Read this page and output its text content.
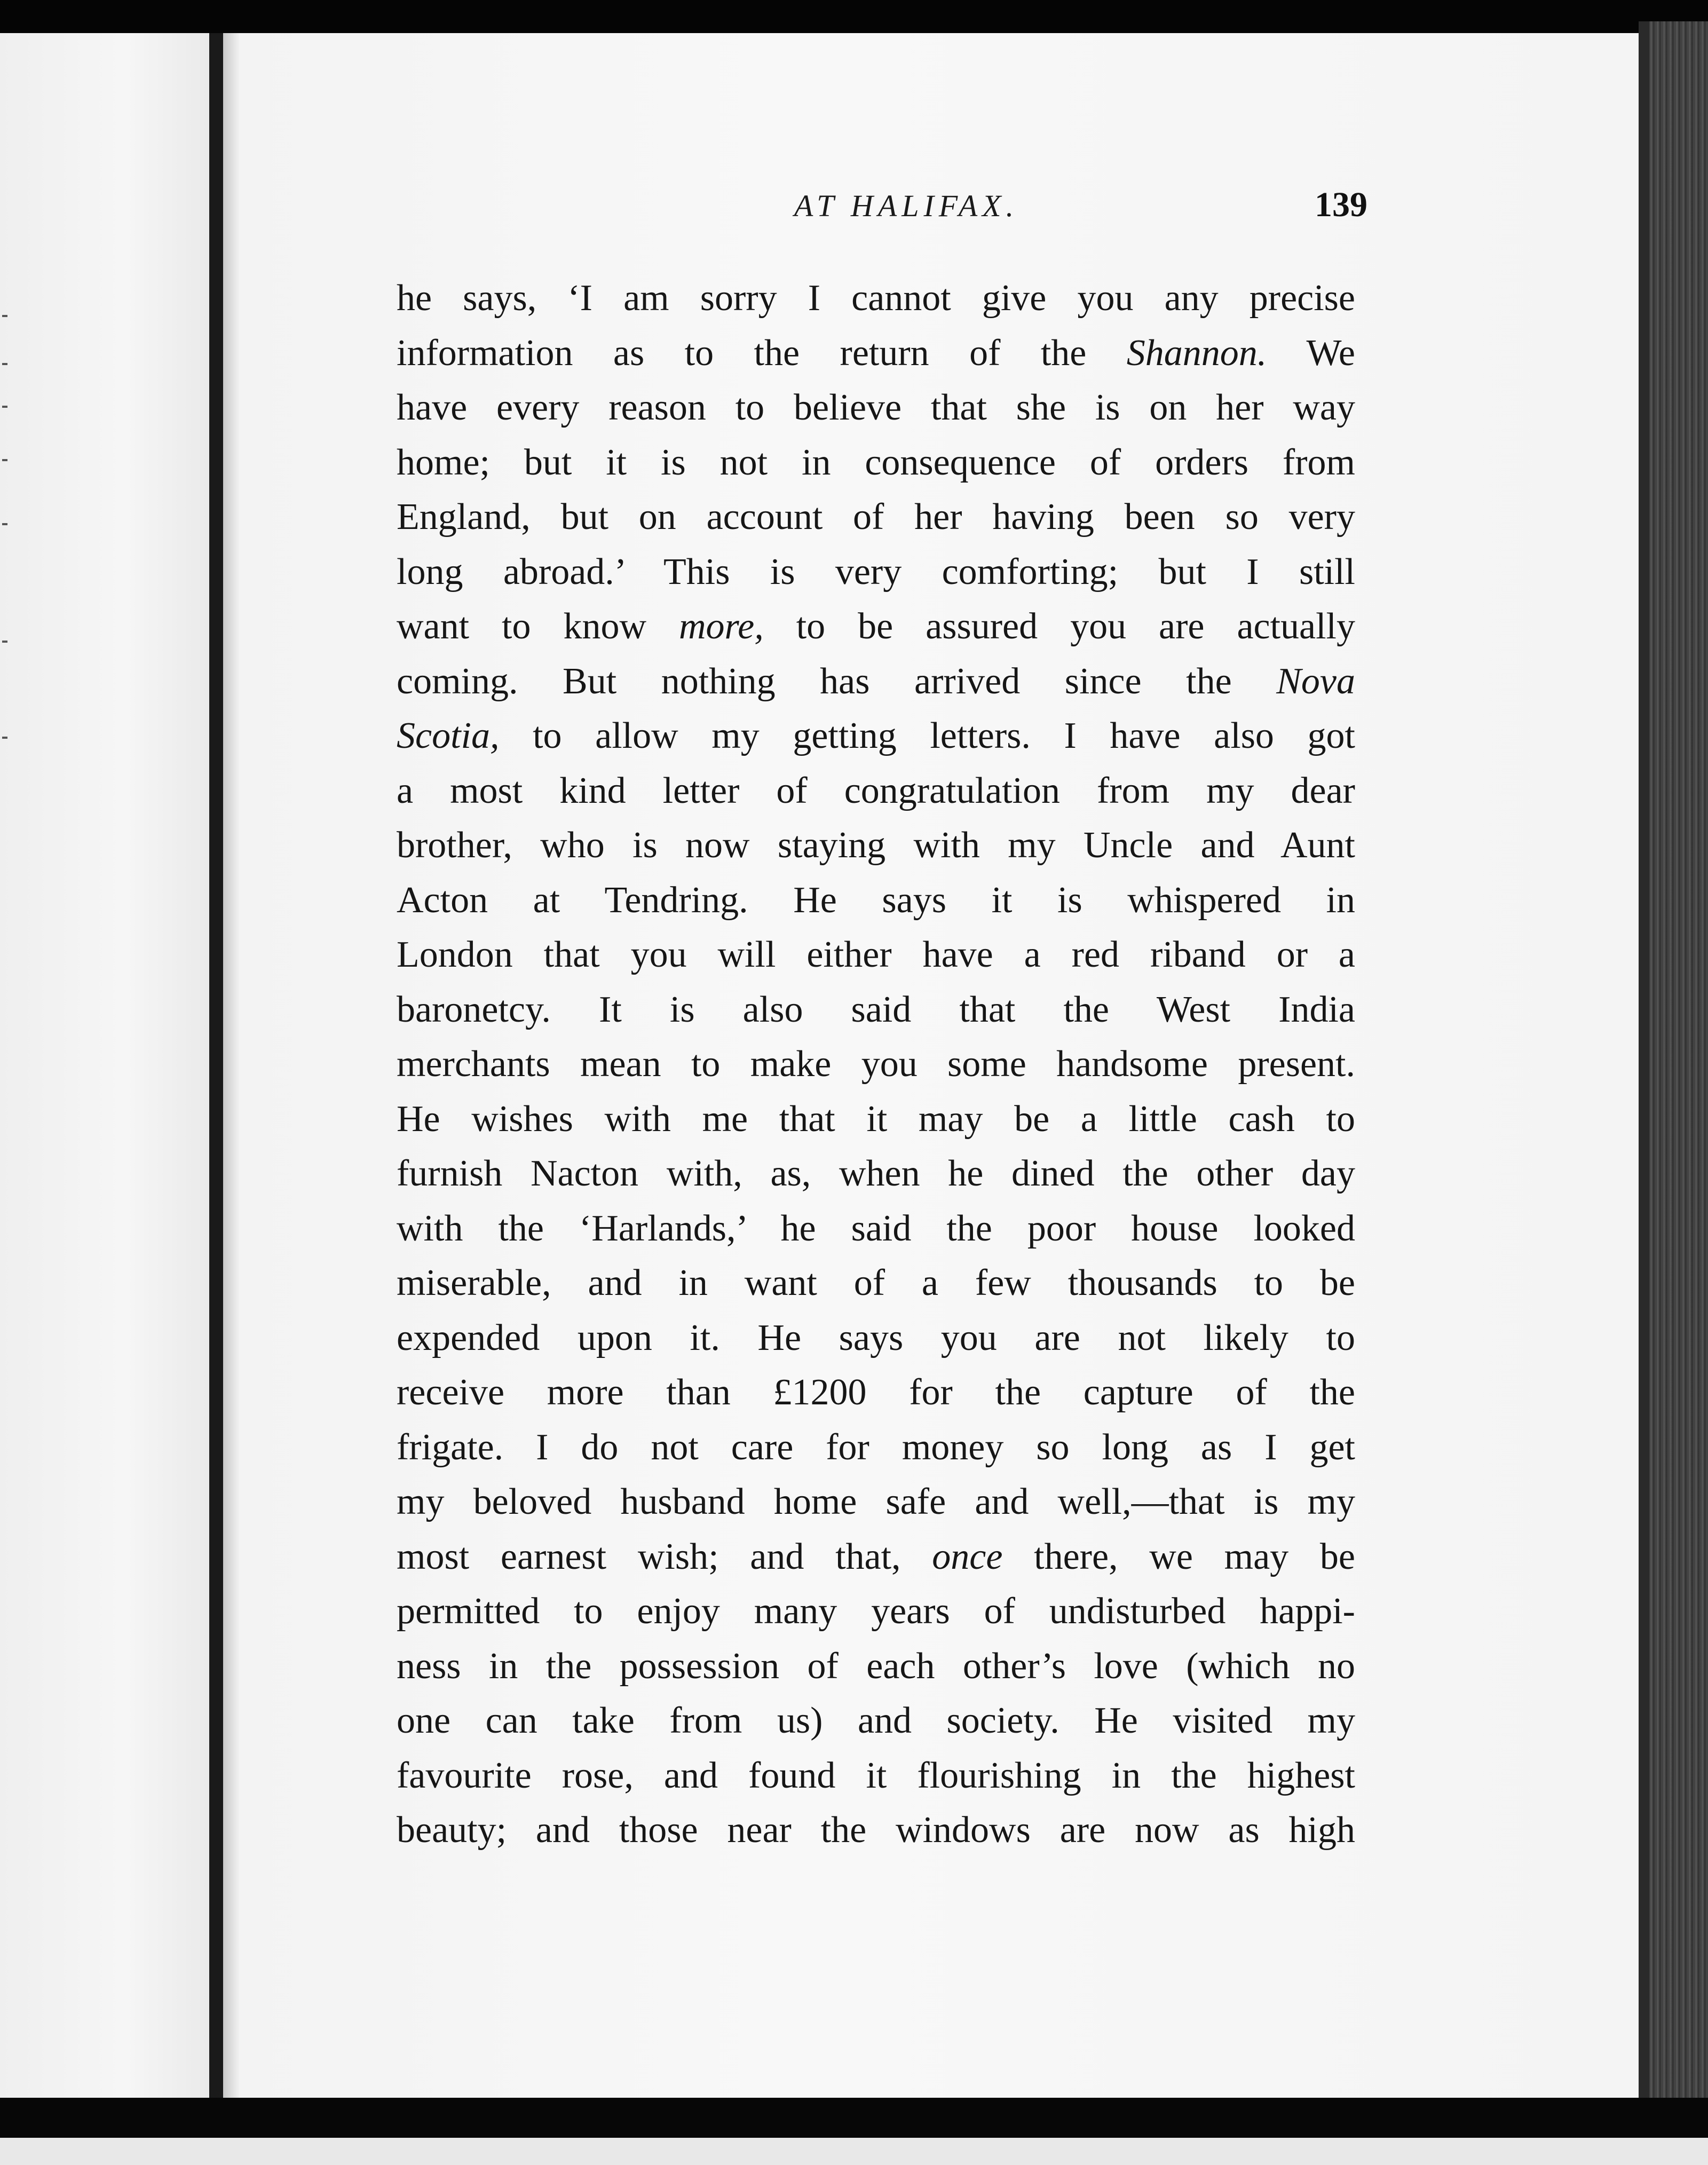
AT HALIFAX.	139
he says, ‘I am sorry I cannot give you any precise
information as to the return of the Shannon. We
have every reason to believe that she is on her way
home; but it is not in consequence of orders from
England, but on account of her having been so very
long abroad.’ This is very comforting; but I still
want to know more, to be assured you are actually
coming. But nothing has arrived since the Nova
Scotia, to allow my getting letters. I have also got
a most kind letter of congratulation from my dear
brother, who is now staying with my Uncle and Aunt
Acton at Tendring. He says it is whispered in
London that you will either have a red riband or a
baronetcy. It is also said that the West India
merchants mean to make you some handsome present.
He wishes with me that it may be a little cash to
furnish Nacton with, as, when he dined the other day
with the ‘Harlands,’ he said the poor house looked
miserable, and in want of a few thousands to be
expended upon it. He says you are not likely to
receive more than £1200 for the capture of the
frigate. I do not care for money so long as I get
my beloved husband home safe and well,—that is my
most earnest wish; and that, once there, we may be
permitted to enjoy many years of undisturbed happi-
ness in the possession of each other’s love (which no
one can take from us) and society. He visited my
favourite rose, and found it flourishing in the highest
beauty; and those near the windows are now as high
